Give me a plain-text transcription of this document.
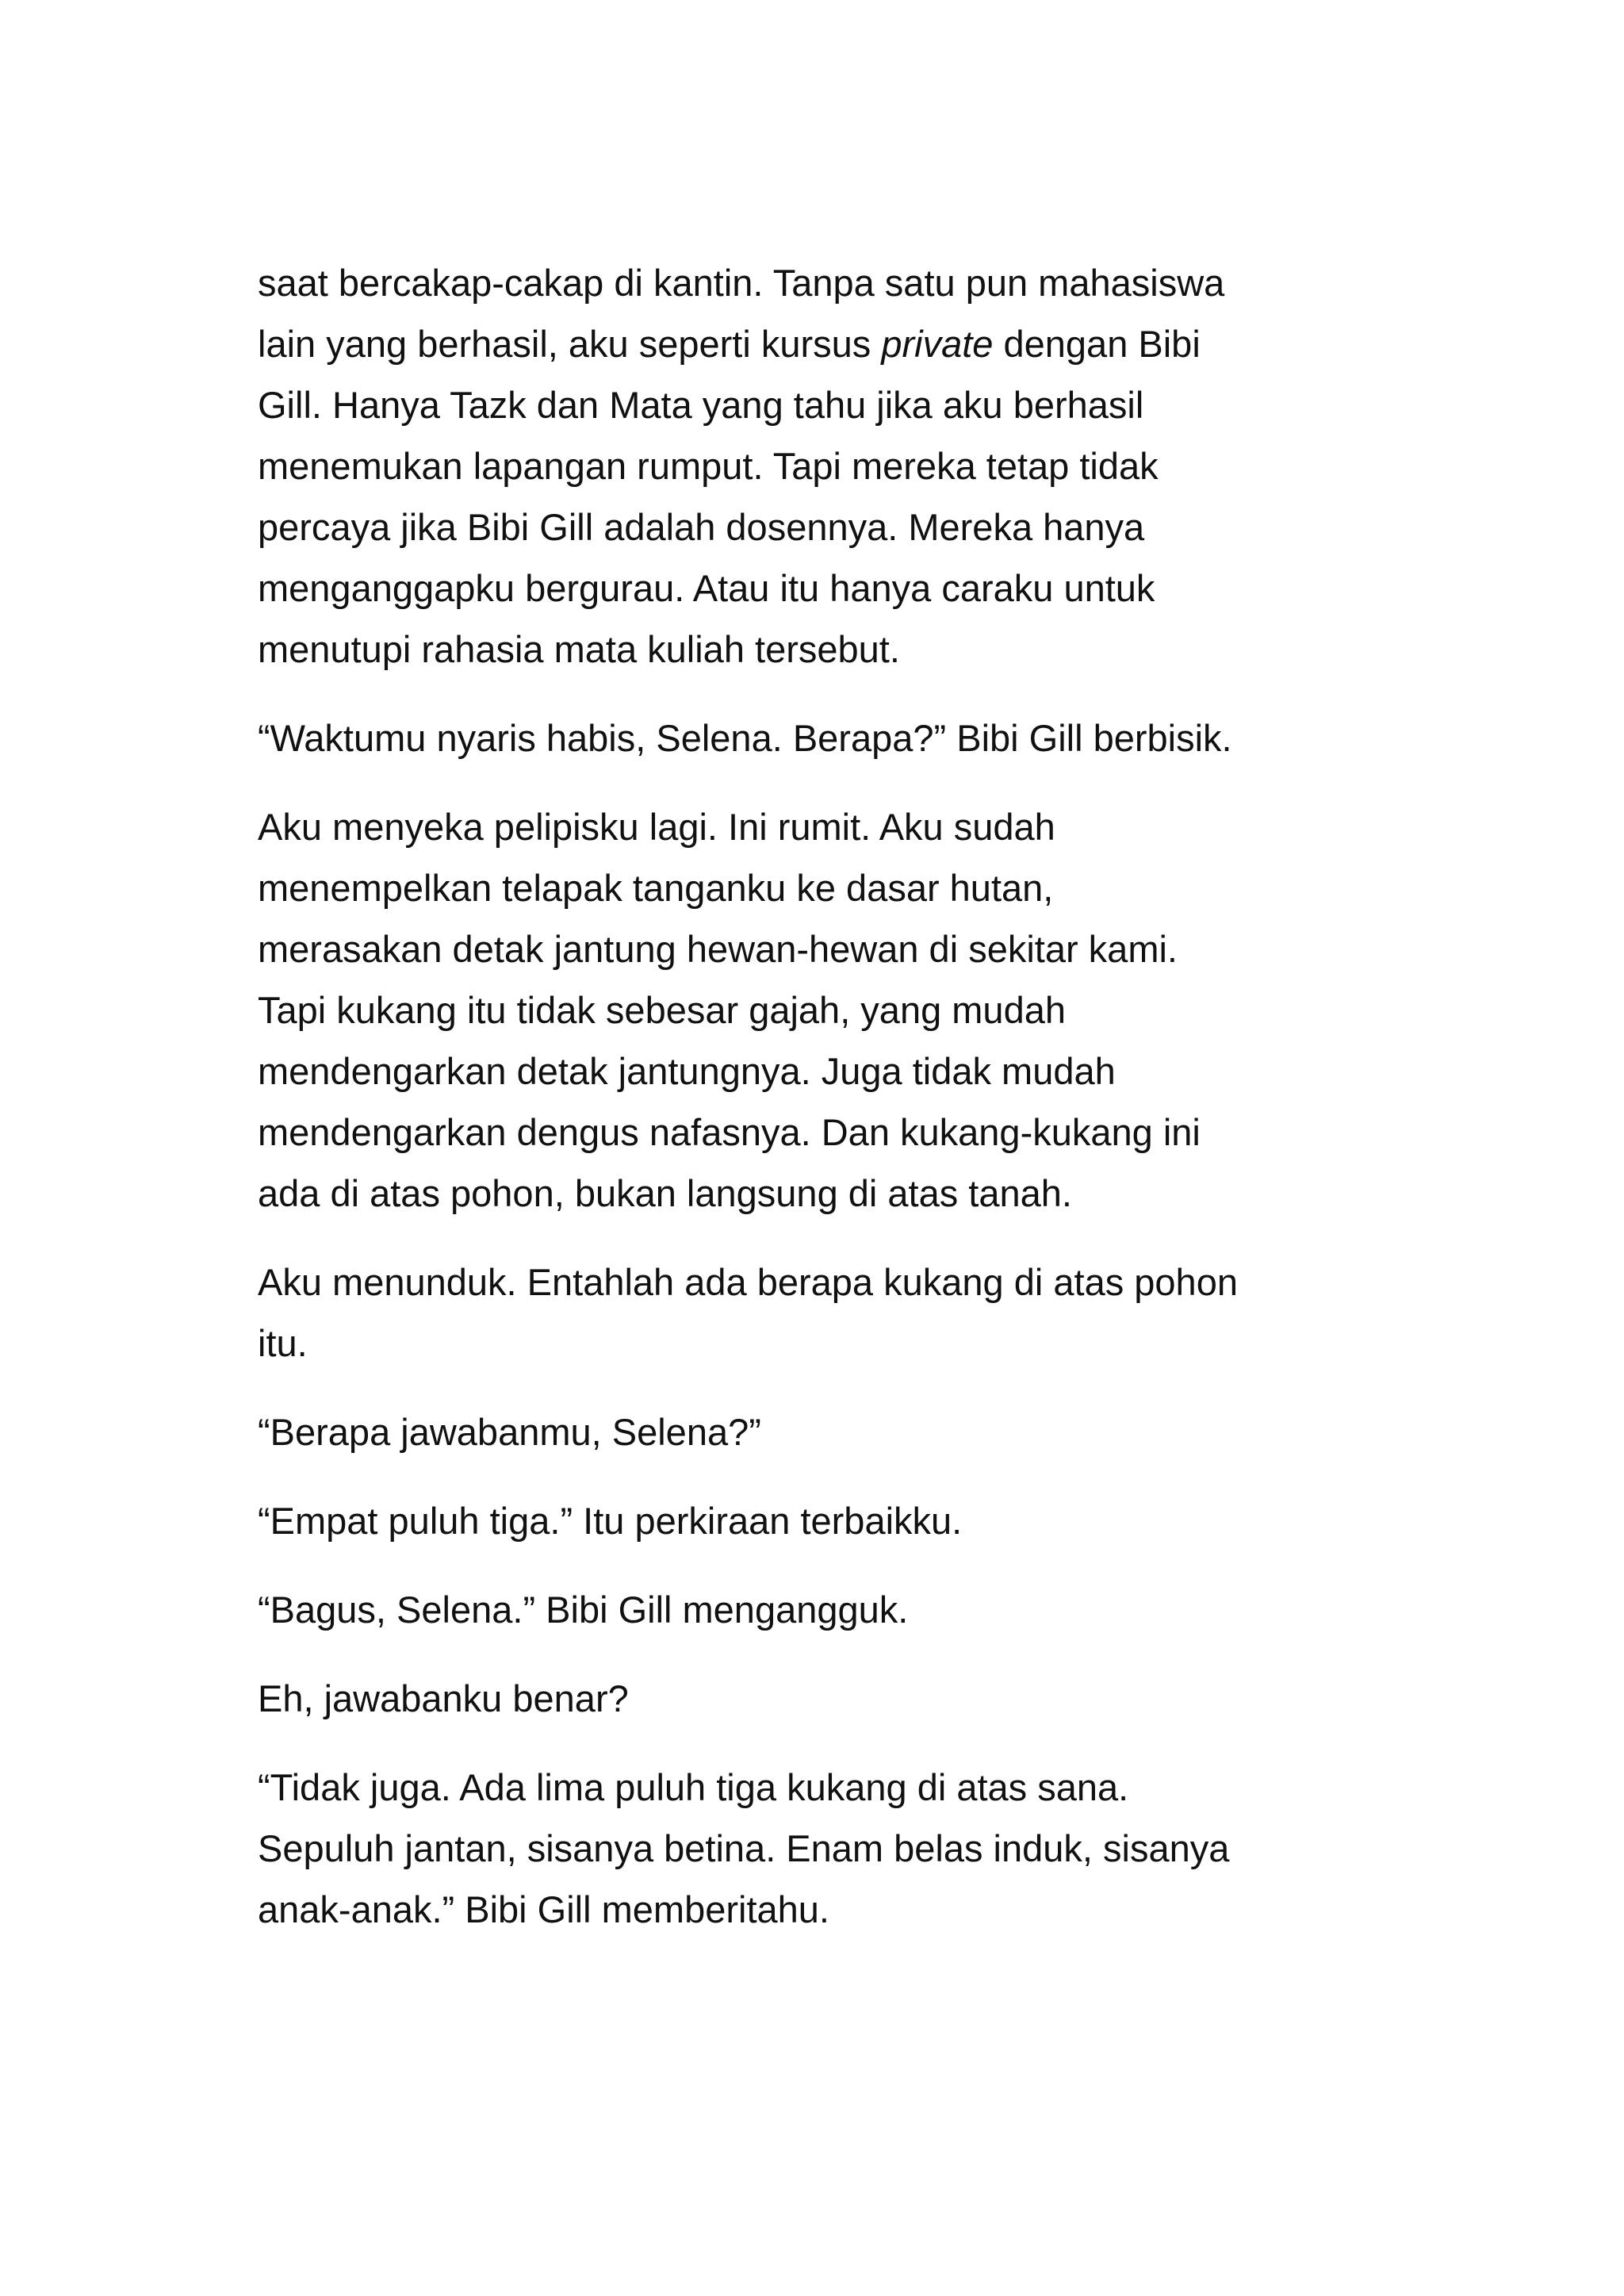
saat bercakap-cakap di kantin. Tanpa satu pun mahasiswa
lain yang berhasil, aku seperti kursus private dengan Bibi
Gill. Hanya Tazk dan Mata yang tahu jika aku berhasil
menemukan lapangan rumput. Tapi mereka tetap tidak
percaya jika Bibi Gill adalah dosennya. Mereka hanya
menganggapku bergurau. Atau itu hanya caraku untuk
menutupi rahasia mata kuliah tersebut.

“Waktumu nyaris habis, Selena. Berapa?” Bibi Gill berbisik.

Aku menyeka pelipisku lagi. Ini rumit. Aku sudah
menempelkan telapak tanganku ke dasar hutan,
merasakan detak jantung hewan-hewan di sekitar kami.
Tapi kukang itu tidak sebesar gajah, yang mudah
mendengarkan detak jantungnya. Juga tidak mudah
mendengarkan dengus nafasnya. Dan kukang-kukang ini
ada di atas pohon, bukan langsung di atas tanah.

Aku menunduk. Entahlah ada berapa kukang di atas pohon
itu.

“Berapa jawabanmu, Selena?”

“Empat puluh tiga.” Itu perkiraan terbaikku.

“Bagus, Selena.” Bibi Gill mengangguk.

Eh, jawabanku benar?

“Tidak juga. Ada lima puluh tiga kukang di atas sana.
Sepuluh jantan, sisanya betina. Enam belas induk, sisanya
anak-anak.” Bibi Gill memberitahu.
